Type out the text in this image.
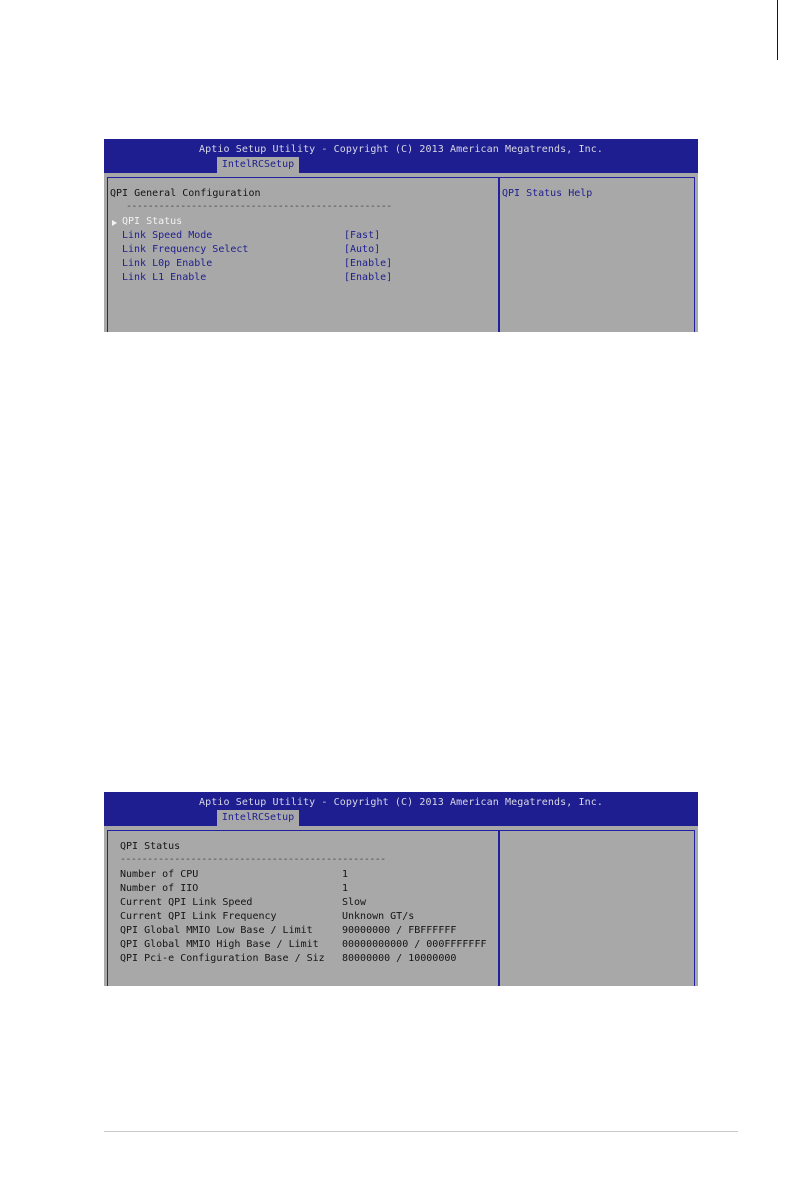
Aptio Setup Utility - Copyright (C) 2013 American Megatrends, Inc.
IntelRCSetup
QPI General Configuration
-------------------------------------------------
QPI Status
Link Speed Mode	[Fast]
Link Frequency Select	[Auto]
Link L0p Enable	[Enable]
Link L1 Enable	[Enable]
QPI Status Help
Aptio Setup Utility - Copyright (C) 2013 American Megatrends, Inc.
IntelRCSetup
QPI Status
-------------------------------------------------
Number of CPU	1
Number of IIO	1
Current QPI Link Speed	Slow
Current QPI Link Frequency	Unknown GT/s
QPI Global MMIO Low Base / Limit	90000000 / FBFFFFFF
QPI Global MMIO High Base / Limit 00000000000 / 000FFFFFFF
QPI Pci-e Configuration Base / Siz 80000000 / 10000000
